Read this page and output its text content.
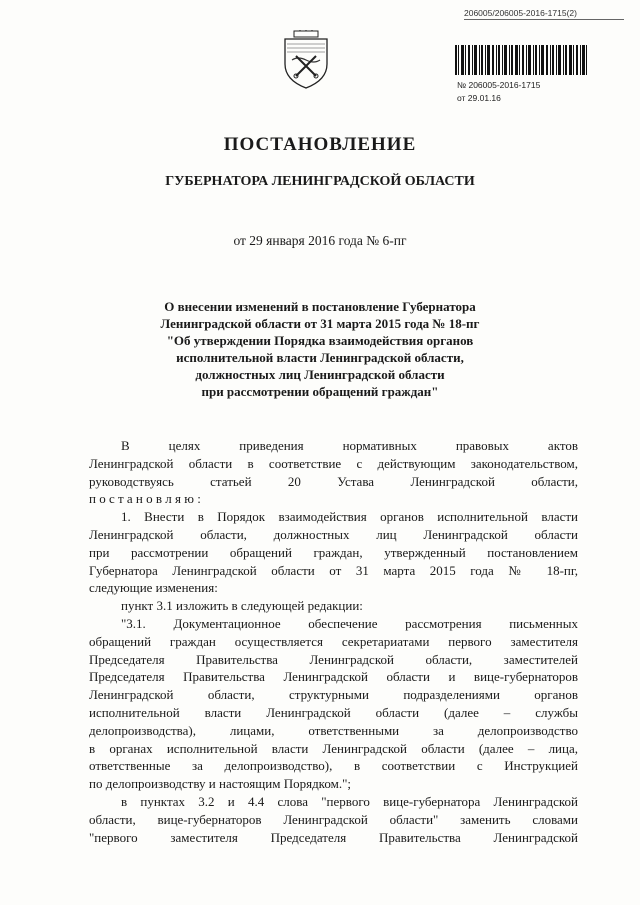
206005/206005-2016-1715(2)
№ 206005-2016-1715
от 29.01.16
ПОСТАНОВЛЕНИЕ
ГУБЕРНАТОРА ЛЕНИНГРАДСКОЙ ОБЛАСТИ
от 29 января 2016 года № 6-пг
О внесении изменений в постановление Губернатора
Ленинградской области от 31 марта 2015 года № 18-пг
"Об утверждении Порядка взаимодействия органов
исполнительной власти Ленинградской области,
должностных лиц Ленинградской области
при рассмотрении обращений граждан"
В целях приведения нормативных правовых актов
Ленинградской области в соответствие с действующим законодательством,
руководствуясь статьей 20 Устава Ленинградской области,
п о с т а н о в л я ю :
1. Внести в Порядок взаимодействия органов исполнительной власти
Ленинградской области, должностных лиц Ленинградской области
при рассмотрении обращений граждан, утвержденный постановлением
Губернатора Ленинградской области от 31 марта 2015 года № 18-пг,
следующие изменения:
пункт 3.1 изложить в следующей редакции:
"3.1. Документационное обеспечение рассмотрения письменных
обращений граждан осуществляется секретариатами первого заместителя
Председателя Правительства Ленинградской области, заместителей
Председателя Правительства Ленинградской области и вице-губернаторов
Ленинградской области, структурными подразделениями органов
исполнительной власти Ленинградской области (далее – службы
делопроизводства), лицами, ответственными за делопроизводство
в органах исполнительной власти Ленинградской области (далее – лица,
ответственные за делопроизводство), в соответствии с Инструкцией
по делопроизводству и настоящим Порядком.";
в пунктах 3.2 и 4.4 слова "первого вице-губернатора Ленинградской
области, вице-губернаторов Ленинградской области" заменить словами
"первого заместителя Председателя Правительства Ленинградской
